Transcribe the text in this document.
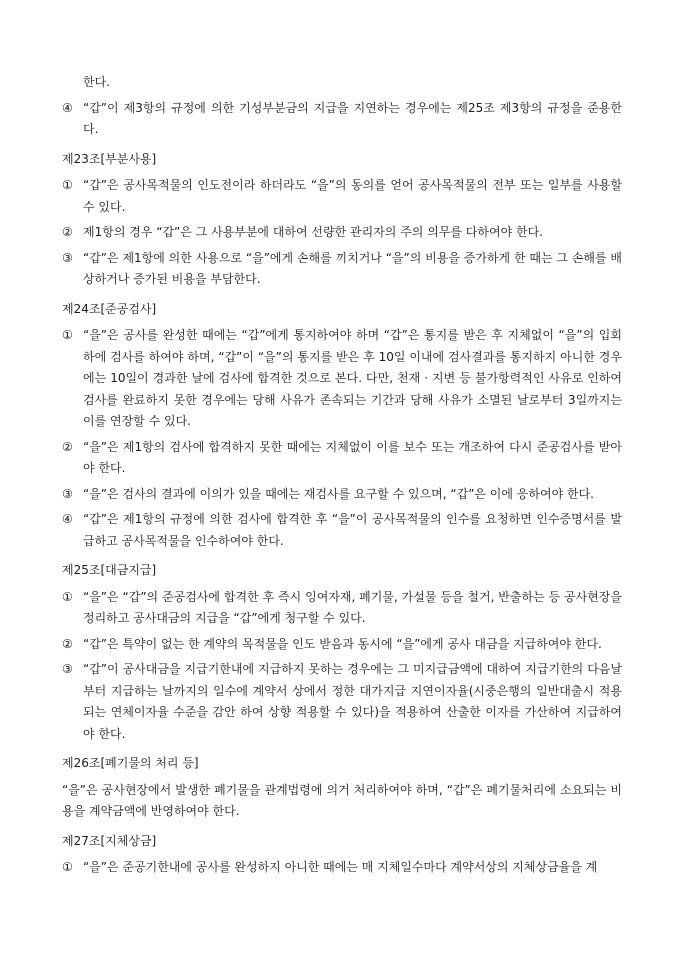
한다.

④ “갑”이 제3항의 규정에 의한 기성부분금의 지급을 지연하는 경우에는 제25조 제3항의 규정을 준용한다.

제23조[부분사용]

① “갑”은 공사목적물의 인도전이라 하더라도 “을”의 동의를 얻어 공사목적물의 전부 또는 일부를 사용할 수 있다.

② 제1항의 경우 “갑”은 그 사용부분에 대하여 선량한 관리자의 주의 의무를 다하여야 한다.

③ “갑”은 제1항에 의한 사용으로 “을”에게 손해를 끼치거나 “을”의 비용을 증가하게 한 때는 그 손해를 배상하거나 증가된 비용을 부담한다.

제24조[준공검사]

① “을”은 공사를 완성한 때에는 “갑”에게 통지하여야 하며 “갑”은 통지를 받은 후 지체없이 “을”의 입회하에 검사를 하여야 하며, “갑”이 “을”의 통지를 받은 후 10일 이내에 검사결과를 통지하지 아니한 경우에는 10일이 경과한 날에 검사에 합격한 것으로 본다. 다만, 천재 · 지변 등 불가항력적인 사유로 인하여 검사를 완료하지 못한 경우에는 당해 사유가 존속되는 기간과 당해 사유가 소멸된 날로부터 3일까지는 이를 연장할 수 있다.

② “을”은 제1항의 검사에 합격하지 못한 때에는 지체없이 이를 보수 또는 개조하여 다시 준공검사를 받아야 한다.

③ “을”은 검사의 결과에 이의가 있을 때에는 재검사를 요구할 수 있으며, “갑”은 이에 응하여야 한다.

④ “갑”은 제1항의 규정에 의한 검사에 합격한 후 “을”이 공사목적물의 인수를 요청하면 인수증명서를 발급하고 공사목적물을 인수하여야 한다.

제25조[대금지급]

① “을”은 “갑”의 준공검사에 합격한 후 즉시 잉여자재, 폐기물, 가설물 등을 철거, 반출하는 등 공사현장을 정리하고 공사대금의 지급을 “갑”에게 청구할 수 있다.

② “갑”은 특약이 없는 한 계약의 목적물을 인도 받음과 동시에 “을”에게 공사 대금을 지급하여야 한다.

③ “갑”이 공사대금을 지급기한내에 지급하지 못하는 경우에는 그 미지급금액에 대하여 지급기한의 다음날부터 지급하는 날까지의 일수에 계약서 상에서 정한 대가지급 지연이자율(시중은행의 일반대출시 적용되는 연체이자율 수준을 감안 하여 상향 적용할 수 있다)을 적용하여 산출한 이자를 가산하여 지급하여야 한다.

제26조[폐기물의 처리 등]

“을”은 공사현장에서 발생한 폐기물을 관계법령에 의거 처리하여야 하며, “갑”은 폐기물처리에 소요되는 비용을 계약금액에 반영하여야 한다.

제27조[지체상금]

① “을”은 준공기한내에 공사를 완성하지 아니한 때에는 매 지체일수마다 계약서상의 지체상금율을 계
